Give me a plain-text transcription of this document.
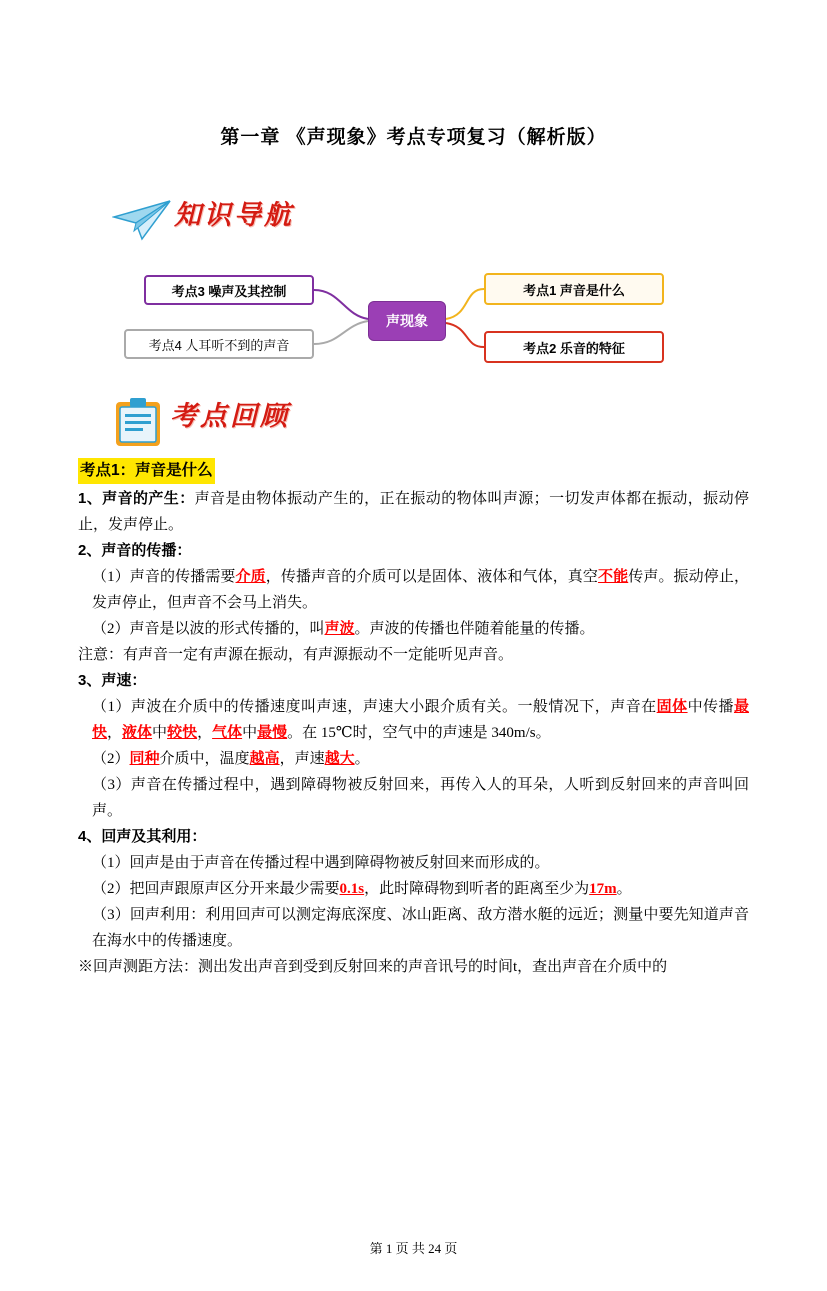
第一章 《声现象》考点专项复习（解析版）
知识导航
声现象
考点3 噪声及其控制
考点4 人耳听不到的声音
考点1 声音是什么
考点2 乐音的特征
考点回顾
考点1：声音是什么

1、声音的产生：声音是由物体振动产生的，正在振动的物体叫声源；一切发声体都在振动，振动停止，发声停止。

2、声音的传播：

（1）声音的传播需要介质，传播声音的介质可以是固体、液体和气体，真空不能传声。振动停止，发声停止，但声音不会马上消失。

（2）声音是以波的形式传播的，叫声波。声波的传播也伴随着能量的传播。

注意：有声音一定有声源在振动，有声源振动不一定能听见声音。

3、声速：

（1）声波在介质中的传播速度叫声速，声速大小跟介质有关。一般情况下，声音在固体中传播最快，液体中较快，气体中最慢。在 15℃时，空气中的声速是 340m/s。

（2）同种介质中，温度越高，声速越大。

（3）声音在传播过程中，遇到障碍物被反射回来，再传入人的耳朵，人听到反射回来的声音叫回声。

4、回声及其利用：

（1）回声是由于声音在传播过程中遇到障碍物被反射回来而形成的。

（2）把回声跟原声区分开来最少需要0.1s，此时障碍物到听者的距离至少为17m。

（3）回声利用：利用回声可以测定海底深度、冰山距离、敌方潜水艇的远近；测量中要先知道声音在海水中的传播速度。

※回声测距方法：测出发出声音到受到反射回来的声音讯号的时间t，查出声音在介质中的

第 1 页 共 24 页
